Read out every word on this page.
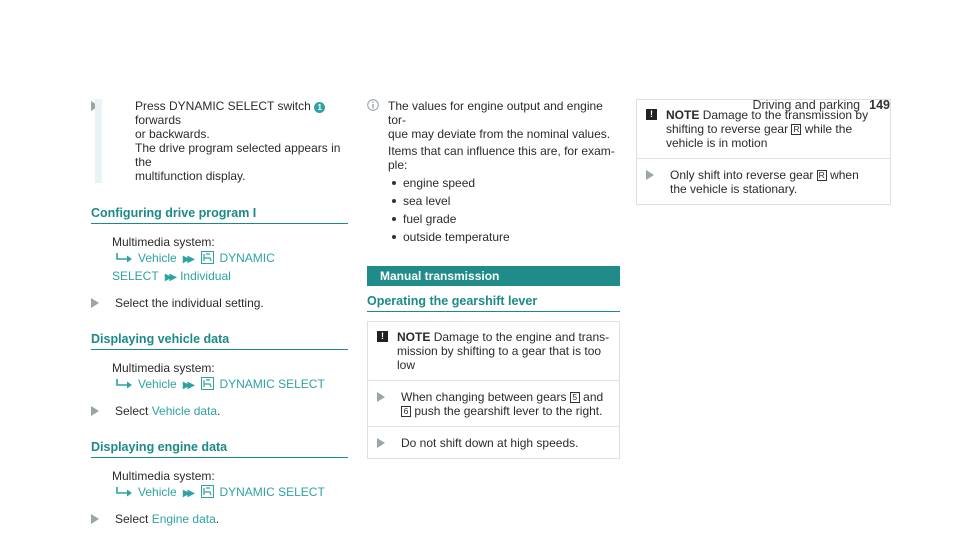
Driving and parking 149
Press DYNAMIC SELECT switch 1 forwards
or backwards.
The drive program selected appears in the
multifunction display.
Configuring drive program I
Multimedia system:
Vehicle ▶▶ DYNAMIC
SELECT ▶▶ Individual
Select the individual setting.
Displaying vehicle data
Multimedia system:
Vehicle ▶▶ DYNAMIC SELECT
Select Vehicle data.
Displaying engine data
Multimedia system:
Vehicle ▶▶ DYNAMIC SELECT
Select Engine data.
The values for engine output and engine tor-
que may deviate from the nominal values.
Items that can influence this are, for exam-
ple:
engine speed
sea level
fuel grade
outside temperature
Manual transmission
Operating the gearshift lever
!	NOTE Damage to the engine and trans-
mission by shifting to a gear that is too
low
When changing between gears 5 and
6 push the gearshift lever to the right.
Do not shift down at high speeds.
!	NOTE Damage to the transmission by
shifting to reverse gear R while the
vehicle is in motion
Only shift into reverse gear R when
the vehicle is stationary.
